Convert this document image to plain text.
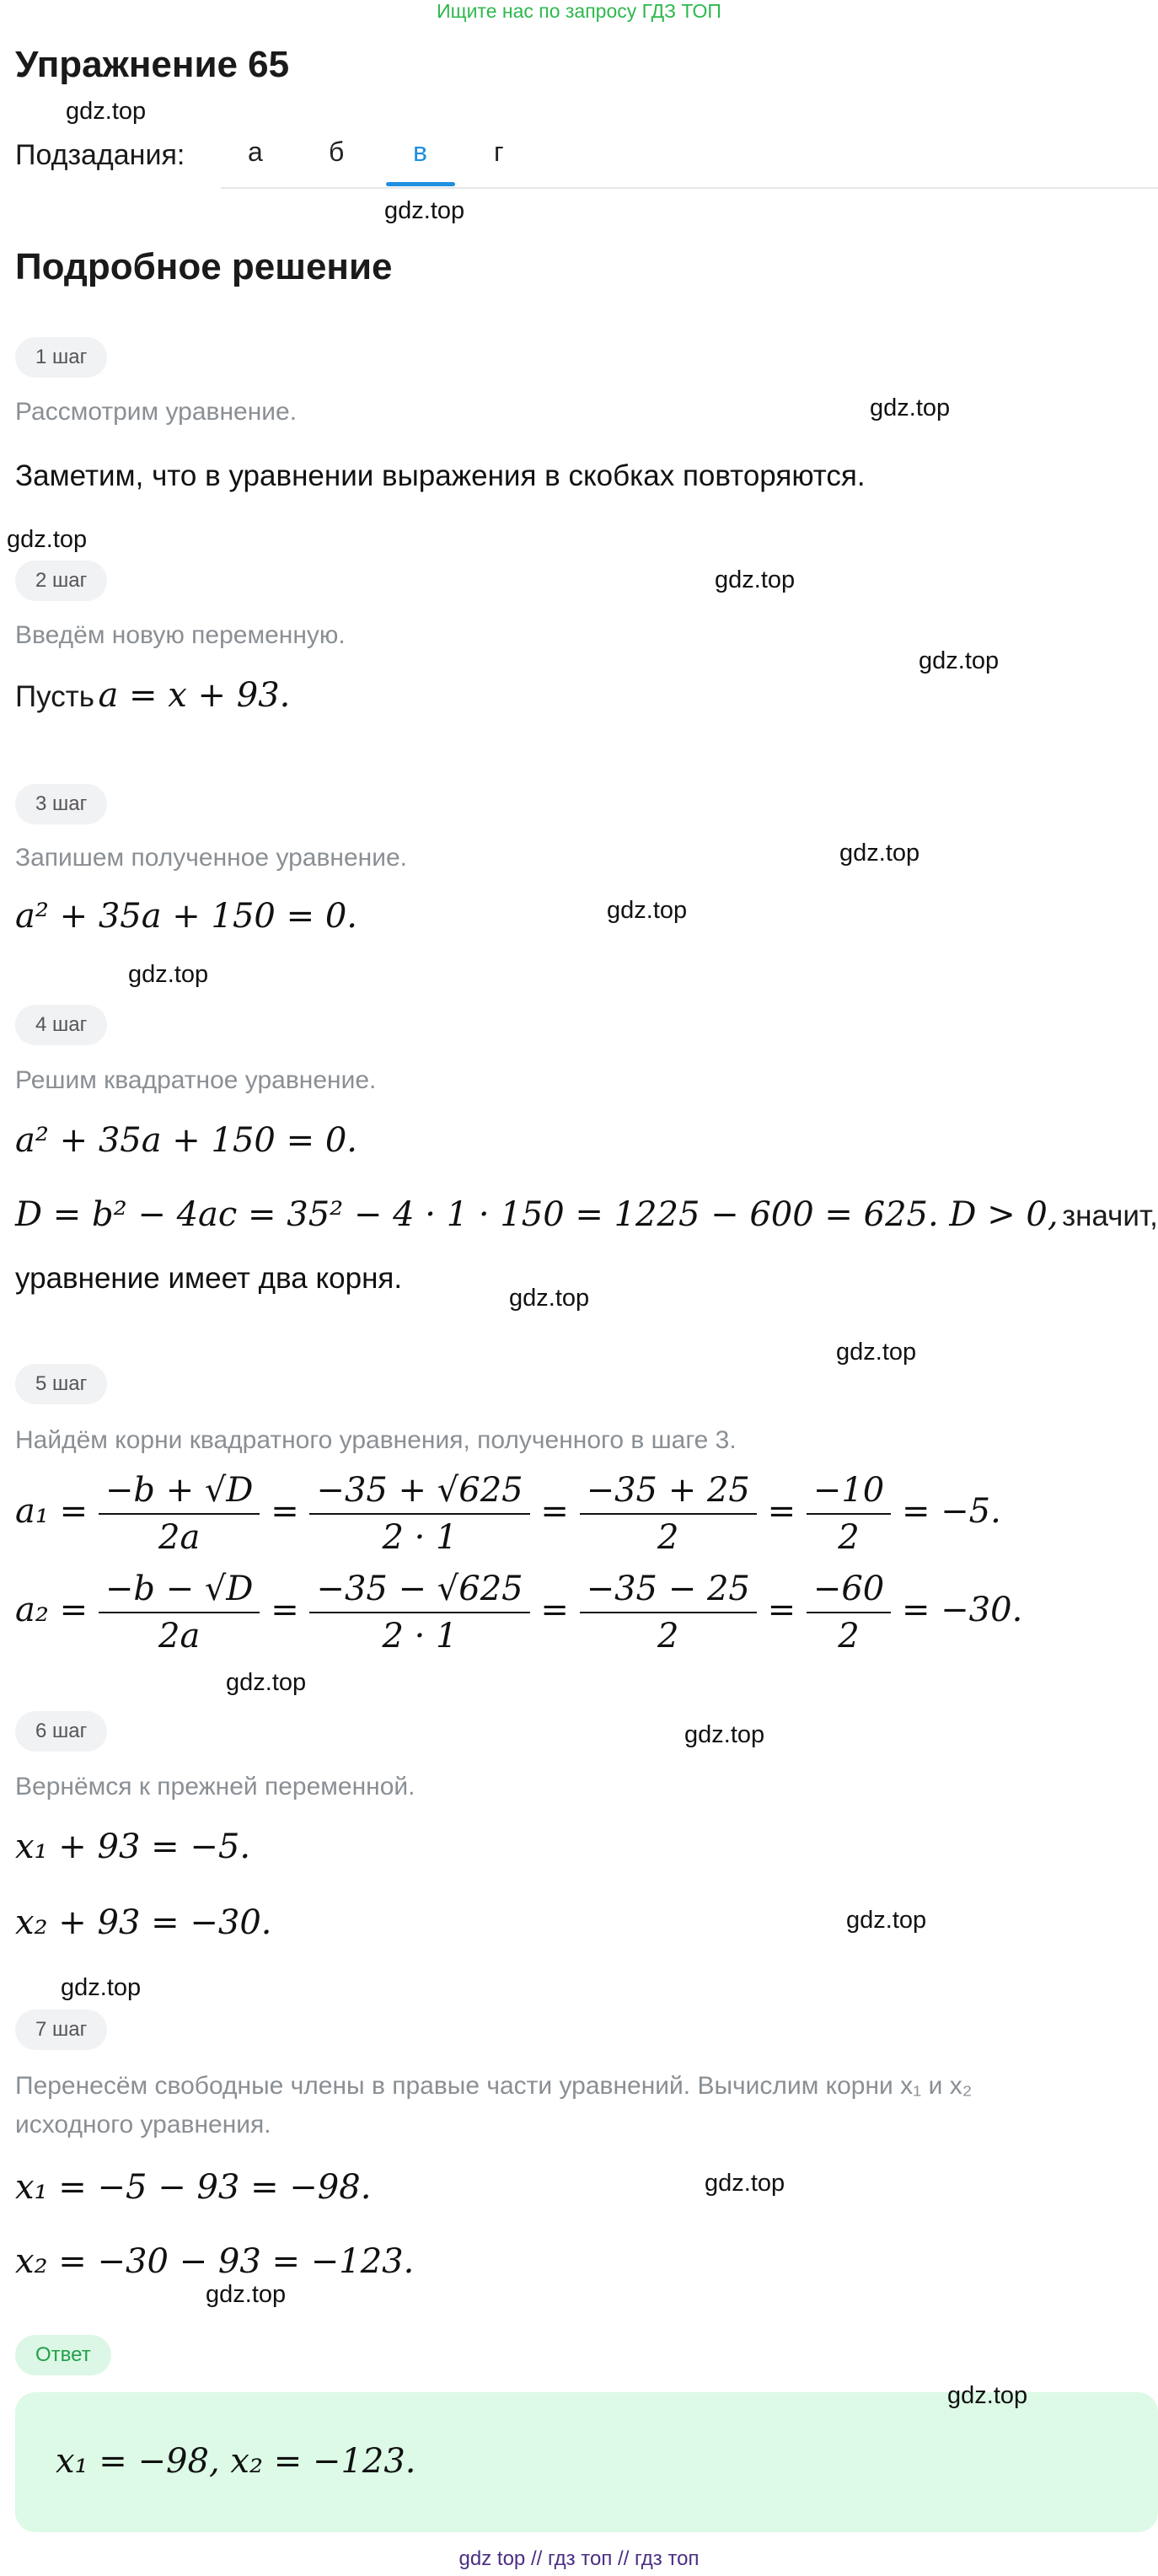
Ищите нас по запросу ГДЗ ТОП
Упражнение 65
gdz.top
Подзадания: а б	в г
gdz.top
Подробное решение
1 шаг
Рассмотрим уравнение.	gdz.top
Заметим, что в уравнении выражения в скобках повторяются.
gdz.top
2 шаг	gdz.top
Введём новую переменную.
gdz.top
Пусть a = x + 93.
3 шаг
Запишем полученное уравнение.	gdz.top
a² + 35a + 150 = 0.	gdz.top
gdz.top
4 шаг
Решим квадратное уравнение.
a² + 35a + 150 = 0.
D = b² − 4ac = 35² − 4 · 1 · 150 = 1225 − 600 = 625. D > 0, значит,
уравнение имеет два корня.
gdz.top
gdz.top
5 шаг
Найдём корни квадратного уравнения, полученного в шаге 3.
$a_1 = \frac{-b + √D}{2a} = \frac{-35 + √625}{2 \cdot 1} = \frac{-35 + 25}{2} = \frac{-10}{2} = -5$.
$a_2 = \frac{-b - √D}{2a} = \frac{-35 - √625}{2 \cdot 1} = \frac{-35 - 25}{2} = \frac{-60}{2} = -30$.
gdz.top
6 шаг	gdz.top
Вернёмся к прежней переменной.
x₁ + 93 = −5.
x₂ + 93 = −30.	gdz.top
gdz.top
7 шаг
Перенесём свободные члены в правые части уравнений. Вычислим корни x₁ и x₂
исходного уравнения.
x₁ = −5 − 93 = −98.	gdz.top
x₂ = −30 − 93 = −123.
gdz.top
Ответ
gdz.top
x₁ = −98, x₂ = −123.
gdz top // гдз топ // гдз топ
